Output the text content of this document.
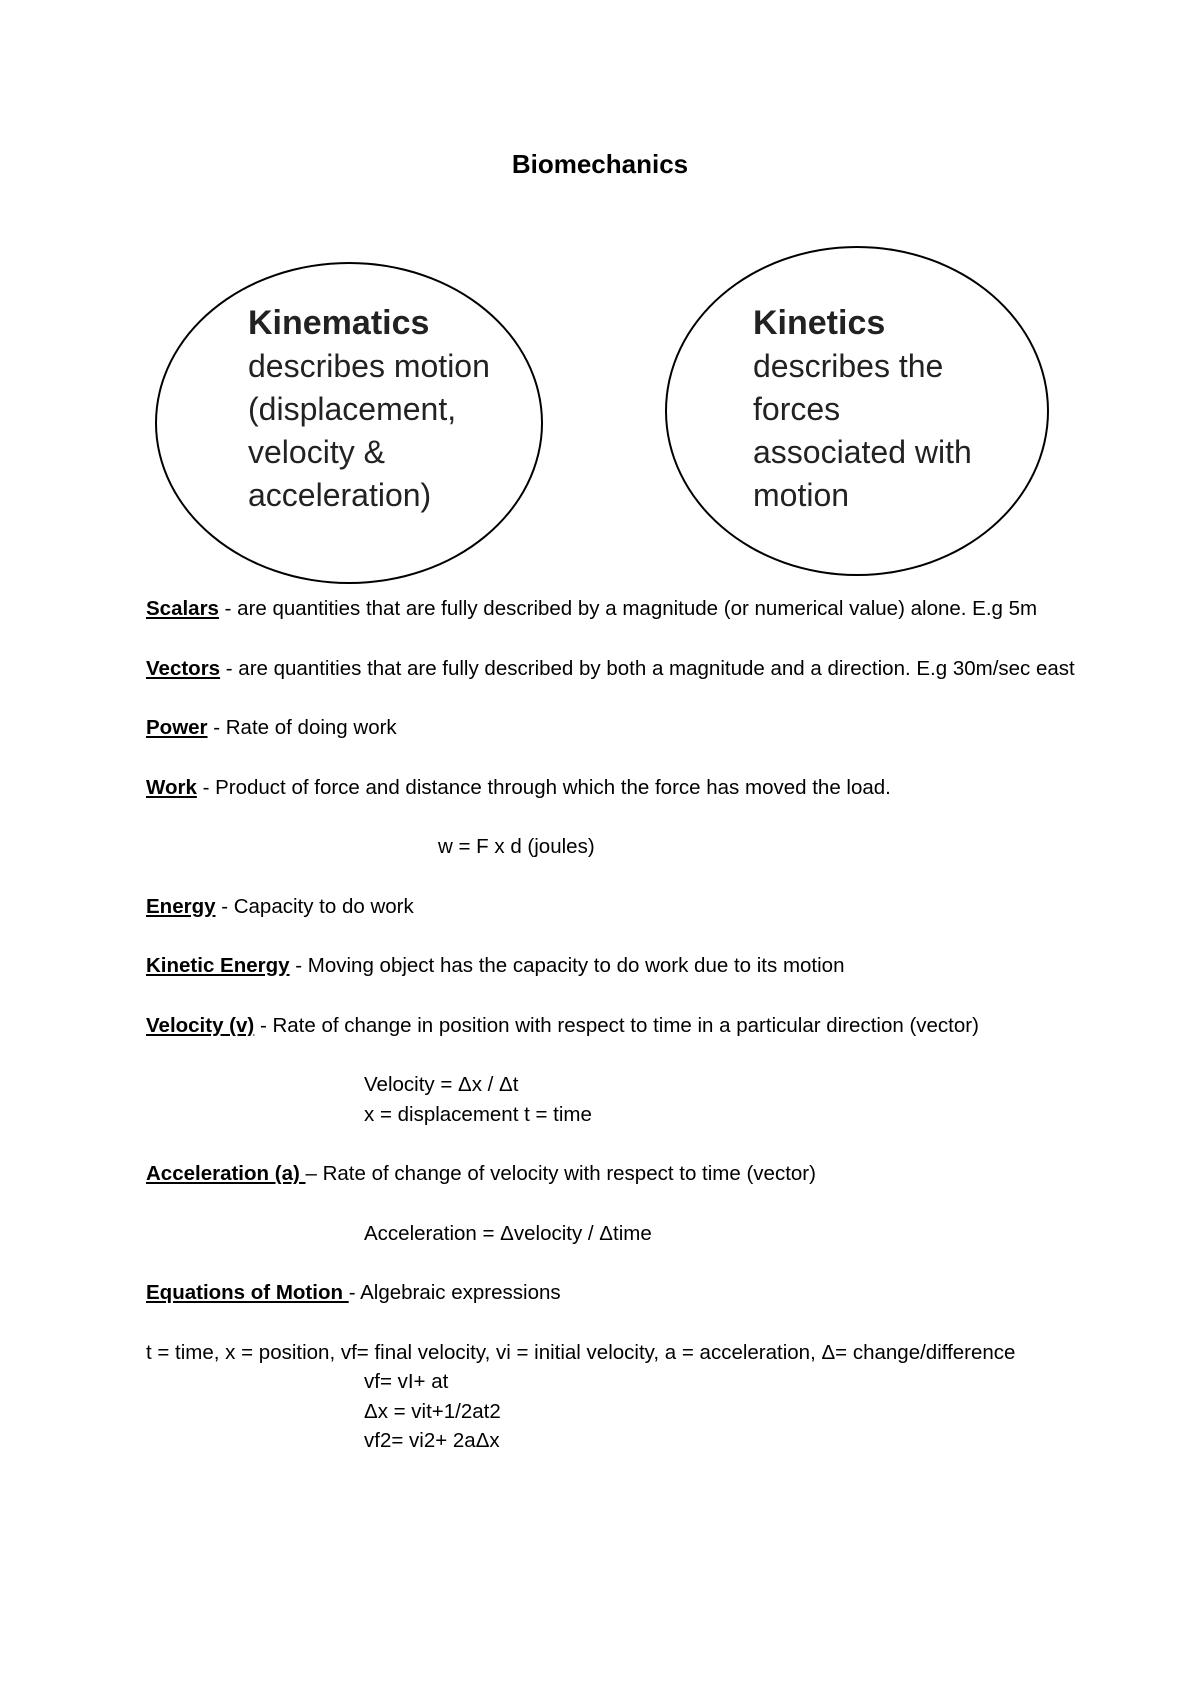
Biomechanics
Kinematics
describes motion
(displacement,
velocity &
acceleration)
Kinetics
describes the
forces
associated with
motion

Scalars - are quantities that are fully described by a magnitude (or numerical value) alone. E.g 5m

Vectors - are quantities that are fully described by both a magnitude and a direction. E.g 30m/sec east

Power - Rate of doing work

Work - Product of force and distance through which the force has moved the load.

w = F x d (joules)

Energy - Capacity to do work

Kinetic Energy - Moving object has the capacity to do work due to its motion

Velocity (v) - Rate of change in position with respect to time in a particular direction (vector)

Velocity = Δx / Δt
x = displacement t = time

Acceleration (a) – Rate of change of velocity with respect to time (vector)

Acceleration = Δvelocity / Δtime

Equations of Motion - Algebraic expressions

t = time, x = position, vf= final velocity, vi = initial velocity, a = acceleration, Δ= change/difference

vf= vI+ at
Δx = vit+1/2at2
vf2= vi2+ 2aΔx
